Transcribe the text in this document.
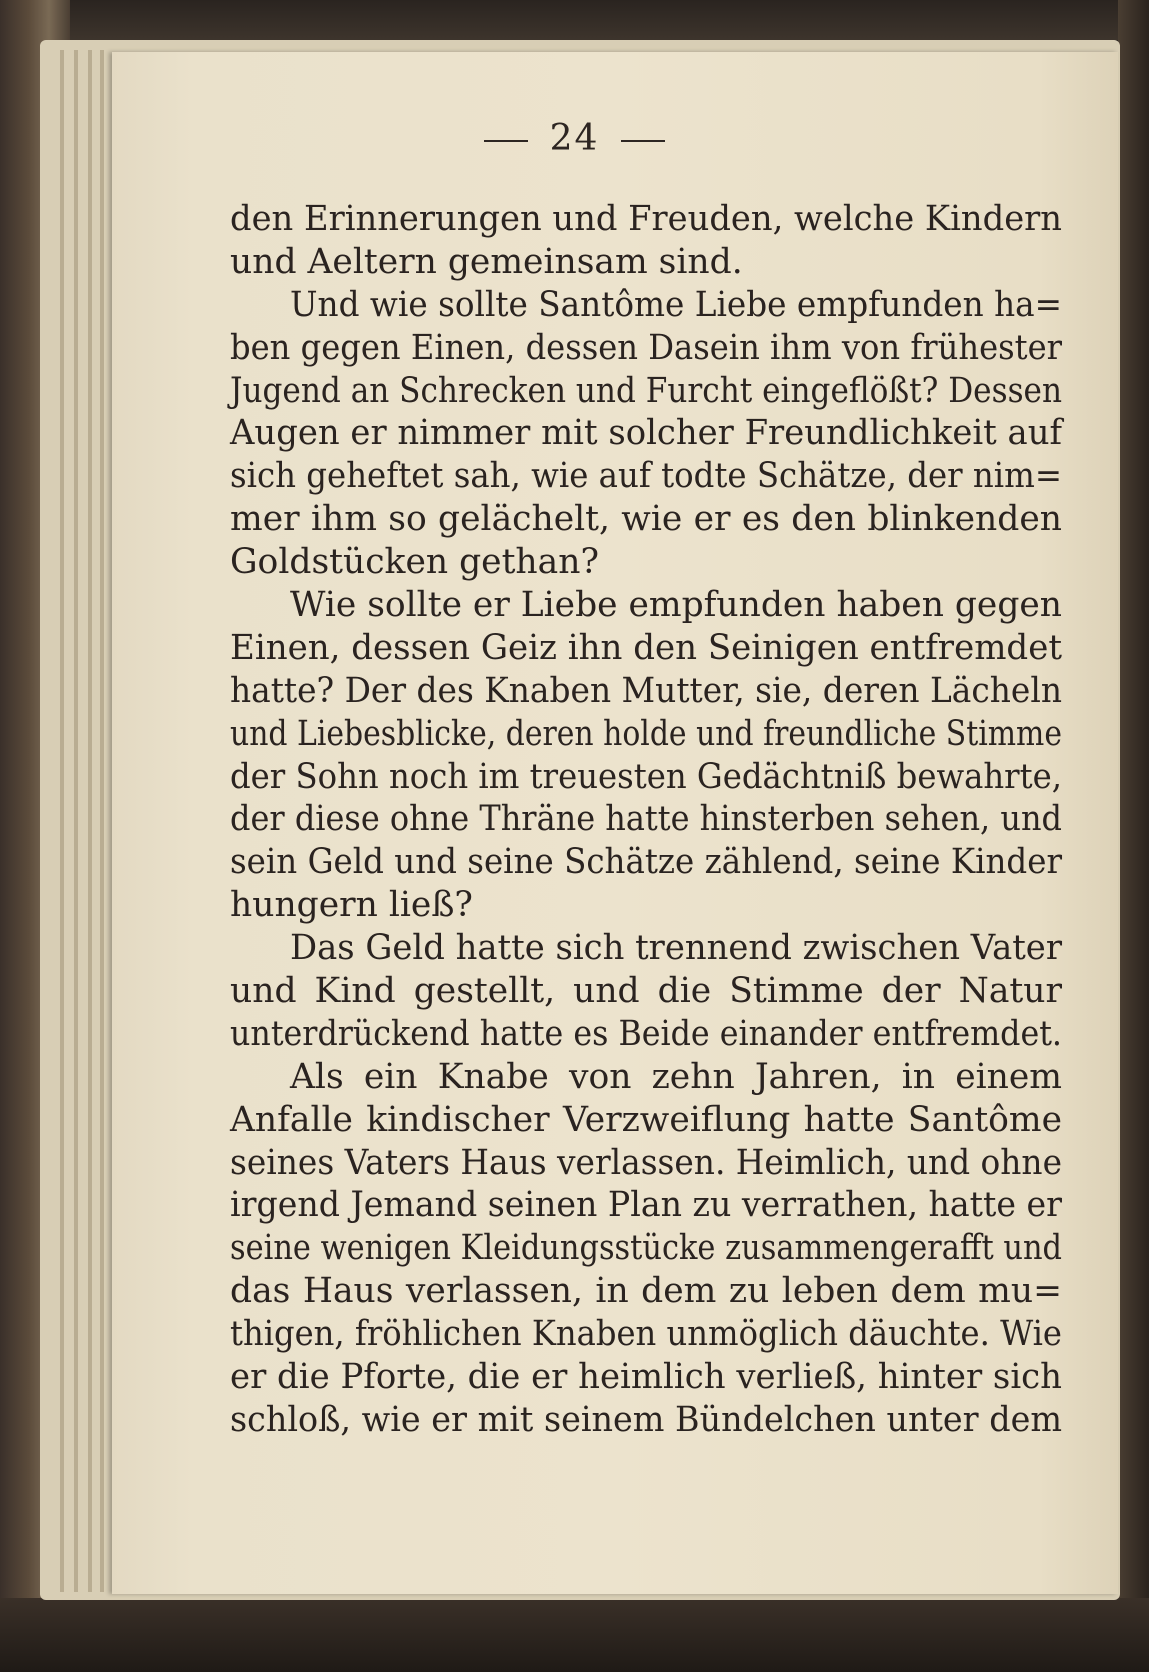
24
den Erinnerungen und Freuden, welche Kindern
und Aeltern gemeinsam sind.
Und wie sollte Santôme Liebe empfunden ha=
ben gegen Einen, dessen Dasein ihm von frühester
Jugend an Schrecken und Furcht eingeflößt? Dessen
Augen er nimmer mit solcher Freundlichkeit auf
sich geheftet sah, wie auf todte Schätze, der nim=
mer ihm so gelächelt, wie er es den blinkenden
Goldstücken gethan?
Wie sollte er Liebe empfunden haben gegen
Einen, dessen Geiz ihn den Seinigen entfremdet
hatte? Der des Knaben Mutter, sie, deren Lächeln
und Liebesblicke, deren holde und freundliche Stimme
der Sohn noch im treuesten Gedächtniß bewahrte,
der diese ohne Thräne hatte hinsterben sehen, und
sein Geld und seine Schätze zählend, seine Kinder
hungern ließ?
Das Geld hatte sich trennend zwischen Vater
und Kind gestellt, und die Stimme der Natur
unterdrückend hatte es Beide einander entfremdet.
Als ein Knabe von zehn Jahren, in einem
Anfalle kindischer Verzweiflung hatte Santôme
seines Vaters Haus verlassen. Heimlich, und ohne
irgend Jemand seinen Plan zu verrathen, hatte er
seine wenigen Kleidungsstücke zusammengerafft und
das Haus verlassen, in dem zu leben dem mu=
thigen, fröhlichen Knaben unmöglich däuchte. Wie
er die Pforte, die er heimlich verließ, hinter sich
schloß, wie er mit seinem Bündelchen unter dem
